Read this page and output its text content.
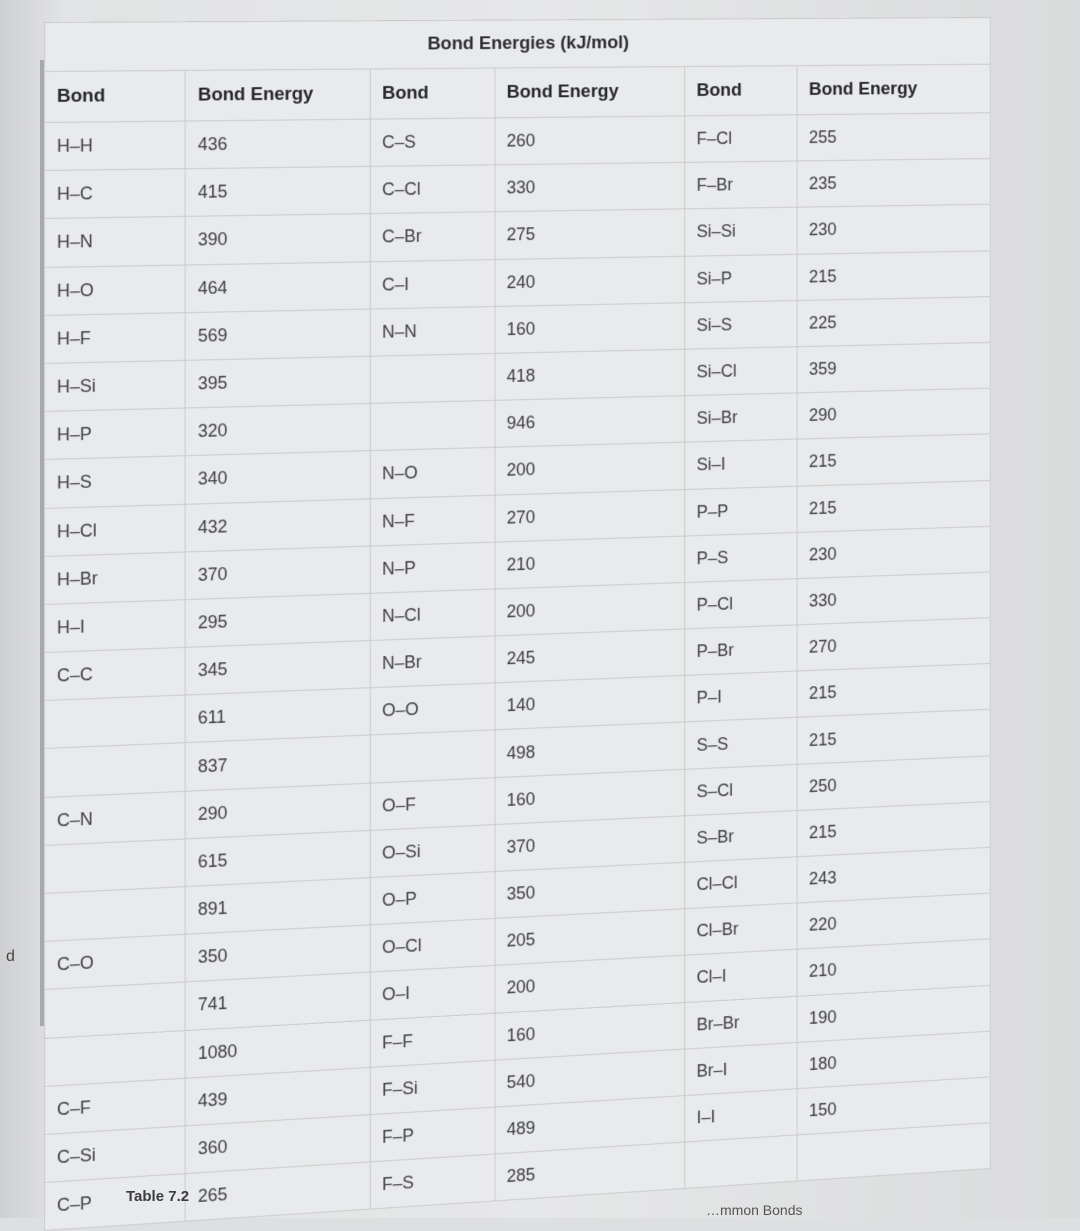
d
Bond Energies (kJ/mol)					
Bond	Bond Energy	Bond	Bond Energy	Bond	Bond Energy
H–H	436	C–S	260	F–Cl	255
H–C	415	C–Cl	330	F–Br	235
H–N	390	C–Br	275	Si–Si	230
H–O	464	C–I	240	Si–P	215
H–F	569	N–N	160	Si–S	225
H–Si	395		418	Si–Cl	359
H–P	320		946	Si–Br	290
H–S	340	N–O	200	Si–I	215
H–Cl	432	N–F	270	P–P	215
H–Br	370	N–P	210	P–S	230
H–I	295	N–Cl	200	P–Cl	330
C–C	345	N–Br	245	P–Br	270
	611	O–O	140	P–I	215
	837		498	S–S	215
C–N	290	O–F	160	S–Cl	250
	615	O–Si	370	S–Br	215
	891	O–P	350	Cl–Cl	243
C–O	350	O–Cl	205	Cl–Br	220
	741	O–I	200	Cl–I	210
	1080	F–F	160	Br–Br	190
C–F	439	F–Si	540	Br–I	180
C–Si	360	F–P	489	I–I	150
C–P	265	F–S	285		
Table 7.2
…mmon Bonds
